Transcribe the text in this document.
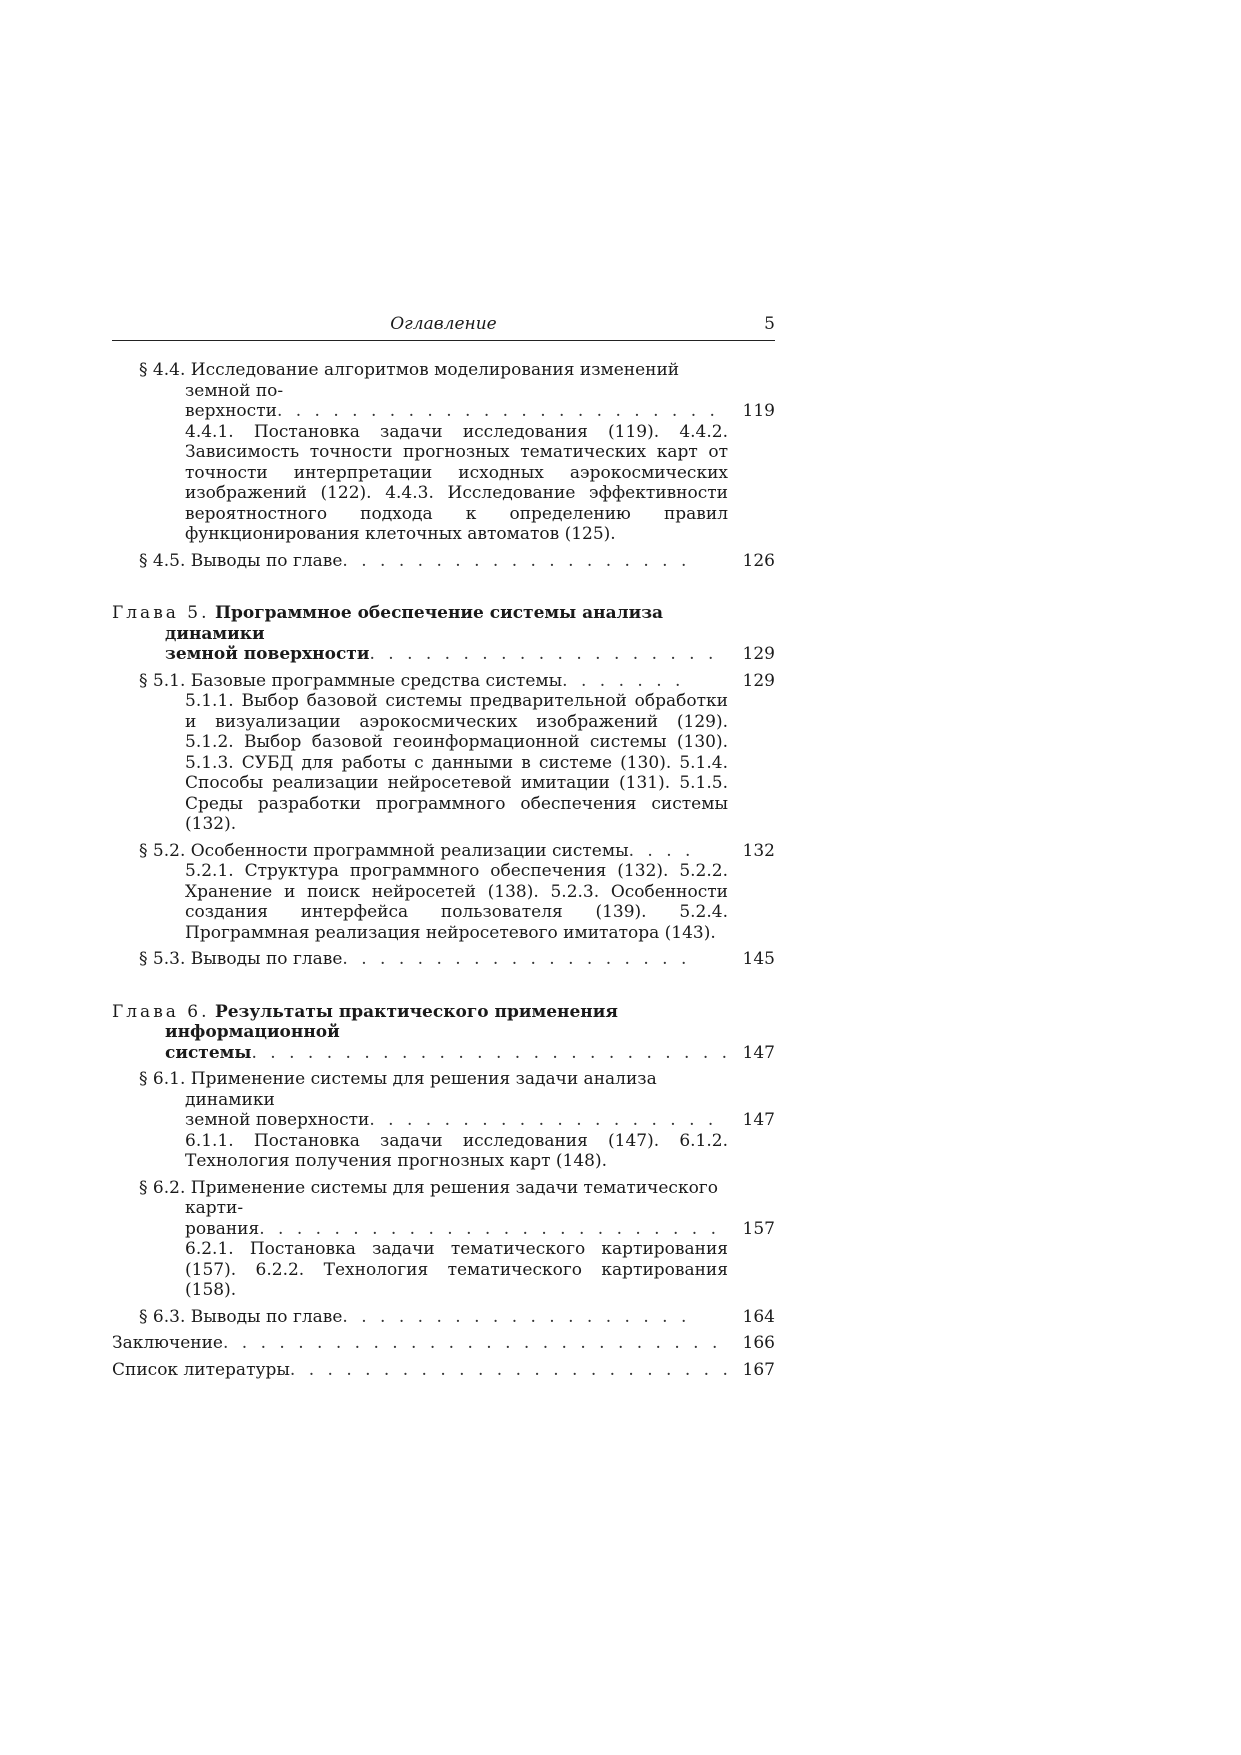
Оглавление	5
§ 4.4. Исследование алгоритмов моделирования изменений земной по-
верхности . . .	119
4.4.1. Постановка задачи исследования (119). 4.4.2. Зависимость точности прогнозных тематических карт от точности интерпретации исходных аэрокосмических изображений (122). 4.4.3. Исследование эффективности вероятностного подхода к определению правил функционирования клеточных автоматов (125).
§ 4.5. Выводы по главе . . .	126
Глава 5. Программное обеспечение системы анализа динамики
земной поверхности . . .	129
§ 5.1. Базовые программные средства системы . . .	129
5.1.1. Выбор базовой системы предварительной обработки и визуализации аэрокосмических изображений (129). 5.1.2. Выбор базовой геоинформационной системы (130). 5.1.3. СУБД для работы с данными в системе (130). 5.1.4. Способы реализации нейросетевой имитации (131). 5.1.5. Среды разработки программного обеспечения системы (132).
§ 5.2. Особенности программной реализации системы . . .	132
5.2.1. Структура программного обеспечения (132). 5.2.2. Хранение и поиск нейросетей (138). 5.2.3. Особенности создания интерфейса пользователя (139). 5.2.4. Программная реализация нейросетевого имитатора (143).
§ 5.3. Выводы по главе . . .	145
Глава 6. Результаты практического применения информационной
системы . . .	147
§ 6.1. Применение системы для решения задачи анализа динамики
земной поверхности . . .	147
6.1.1. Постановка задачи исследования (147). 6.1.2. Технология получения прогнозных карт (148).
§ 6.2. Применение системы для решения задачи тематического карти-
рования . . .	157
6.2.1. Постановка задачи тематического картирования (157). 6.2.2. Технология тематического картирования (158).
§ 6.3. Выводы по главе . . .	164
Заключение . . .	166
Список литературы . . .	167
